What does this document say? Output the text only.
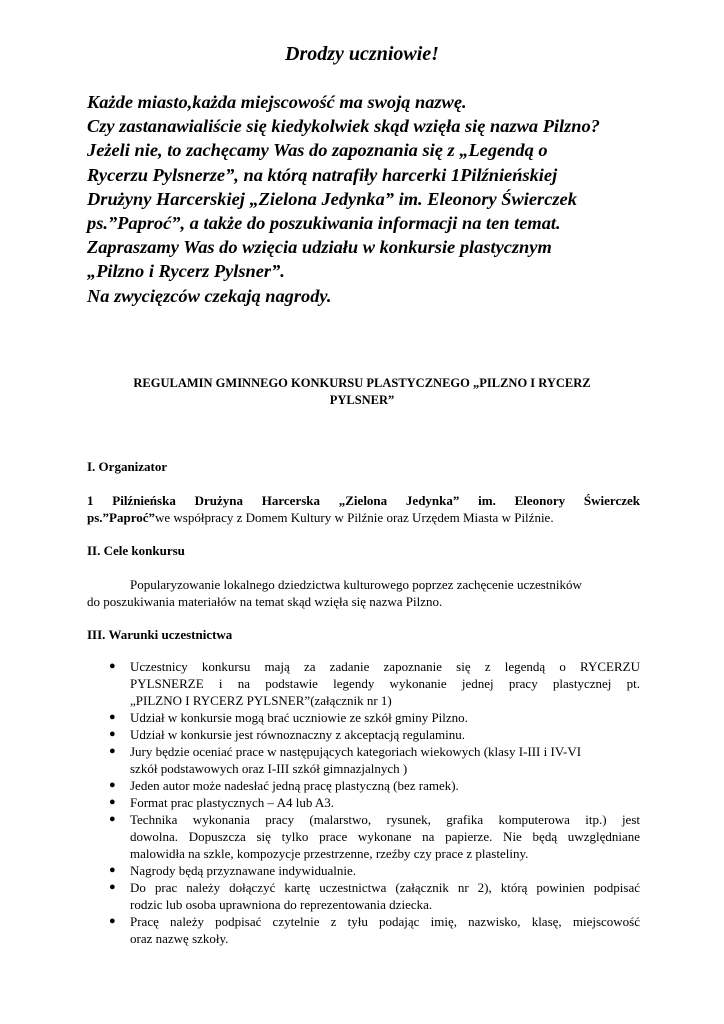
Drodzy uczniowie!
Każde miasto,każda miejscowość ma swoją nazwę.
Czy zastanawialiście się kiedykolwiek skąd wzięła się nazwa Pilzno?
Jeżeli nie, to zachęcamy Was do zapoznania się z „Legendą o
Rycerzu Pylsnerze”, na którą natrafiły harcerki 1Pilźnieńskiej
Drużyny Harcerskiej „Zielona Jedynka” im. Eleonory Świerczek
ps.”Paproć”, a także do poszukiwania informacji na ten temat.
Zapraszamy Was do wzięcia udziału w konkursie plastycznym
„Pilzno i Rycerz Pylsner”.
Na zwycięzców czekają nagrody.
REGULAMIN GMINNEGO KONKURSU PLASTYCZNEGO „PILZNO I RYCERZ
PYLSNER”
I. Organizator
1 Pilźnieńska Drużyna Harcerska „Zielona Jedynka” im. Eleonory Świerczek
ps.”Paproć”we współpracy z Domem Kultury w Pilźnie oraz Urzędem Miasta w Pilźnie.
II. Cele konkursu
Popularyzowanie lokalnego dziedzictwa kulturowego poprzez zachęcenie uczestników
do poszukiwania materiałów na temat skąd wzięła się nazwa Pilzno.
III. Warunki uczestnictwa
● Uczestnicy konkursu mają za zadanie zapoznanie się z legendą o RYCERZU
PYLSNERZE i na podstawie legendy wykonanie jednej pracy plastycznej pt.
„PILZNO I RYCERZ PYLSNER”(załącznik nr 1)
● Udział w konkursie mogą brać uczniowie ze szkół gminy Pilzno.
● Udział w konkursie jest równoznaczny z akceptacją regulaminu.
● Jury będzie oceniać prace w następujących kategoriach wiekowych (klasy I-III i IV-VI
szkół podstawowych oraz I-III szkół gimnazjalnych )
● Jeden autor może nadesłać jedną pracę plastyczną (bez ramek).
● Format prac plastycznych – A4 lub A3.
● Technika wykonania pracy (malarstwo, rysunek, grafika komputerowa itp.) jest
dowolna. Dopuszcza się tylko prace wykonane na papierze. Nie będą uwzględniane
malowidła na szkle, kompozycje przestrzenne, rzeźby czy prace z plasteliny.
● Nagrody będą przyznawane indywidualnie.
● Do prac należy dołączyć kartę uczestnictwa (załącznik nr 2), którą powinien podpisać
rodzic lub osoba uprawniona do reprezentowania dziecka.
● Pracę należy podpisać czytelnie z tyłu podając imię, nazwisko, klasę, miejscowość
oraz nazwę szkoły.
